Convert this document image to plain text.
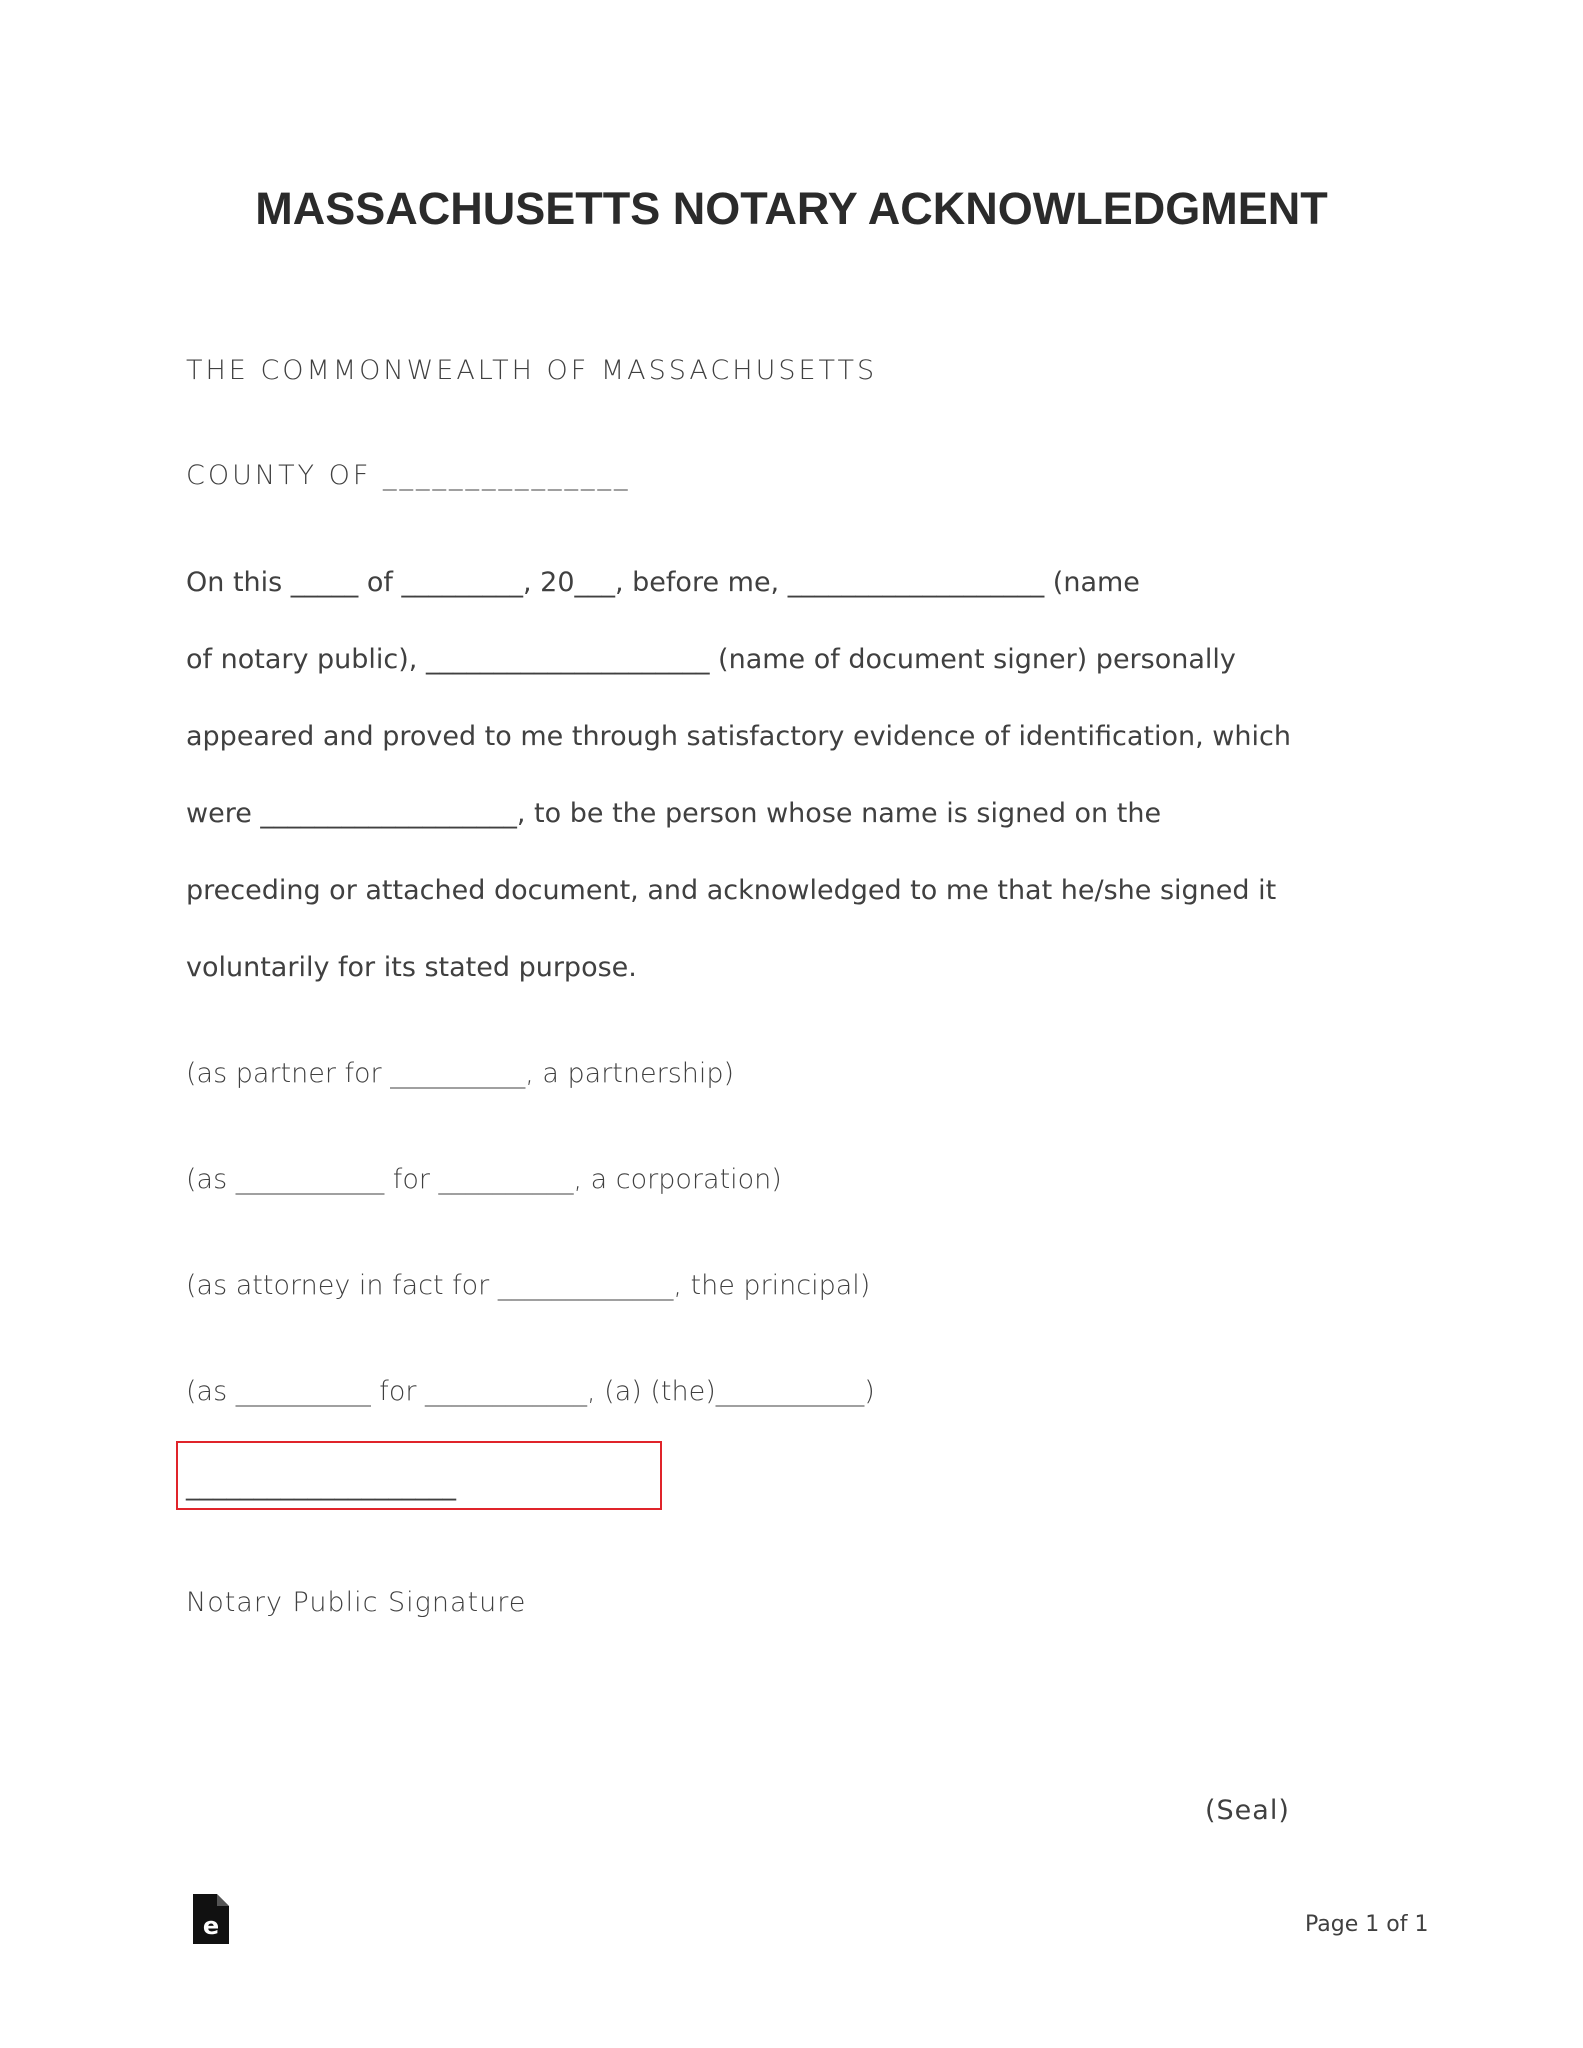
MASSACHUSETTS NOTARY ACKNOWLEDGMENT
THE COMMONWEALTH OF MASSACHUSETTS
COUNTY OF _______________
On this _____ of _________, 20___, before me, ___________________ (name
of notary public), _____________________ (name of document signer) personally
appeared and proved to me through satisfactory evidence of identification, which
were ___________________, to be the person whose name is signed on the
preceding or attached document, and acknowledged to me that he/she signed it
voluntarily for its stated purpose.
(as partner for __________, a partnership)
(as ___________ for __________, a corporation)
(as attorney in fact for _____________, the principal)
(as __________ for ____________, (a) (the)___________)
____________________
Notary Public Signature
(Seal)
e	Page 1 of 1
